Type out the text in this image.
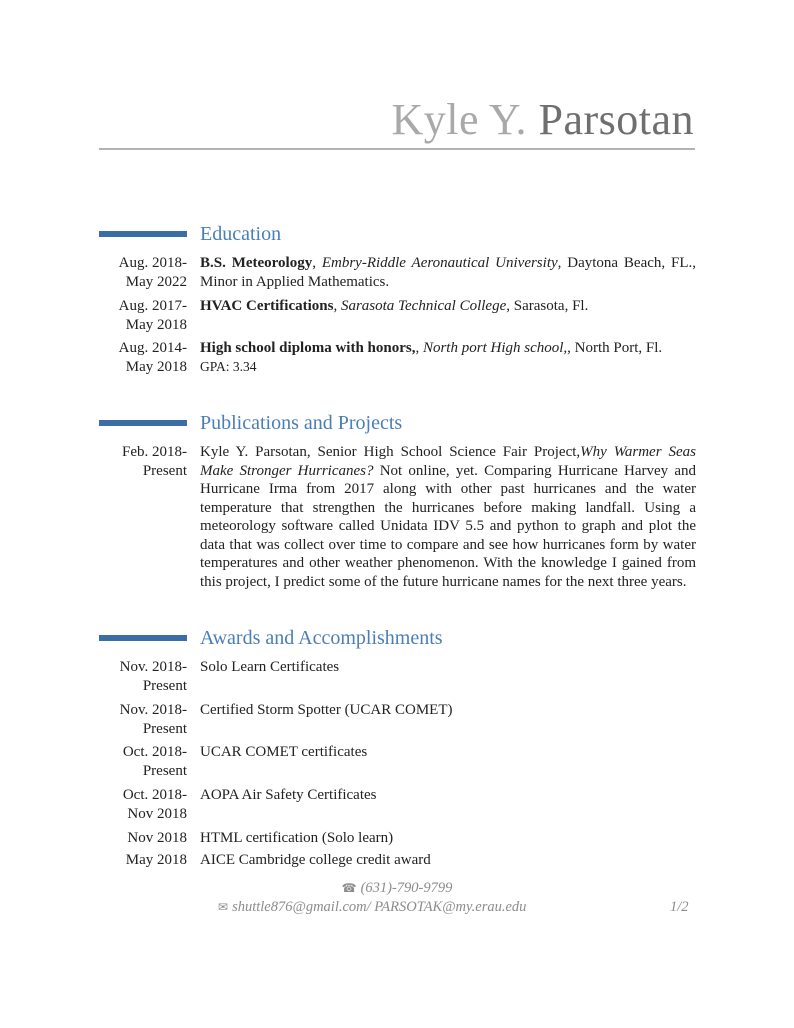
Kyle Y. Parsotan
Education
Aug. 2018-
May 2022
B.S. Meteorology, Embry-Riddle Aeronautical University, Daytona Beach, FL., Minor in Applied Mathematics.
Aug. 2017-
May 2018
HVAC Certifications, Sarasota Technical College, Sarasota, Fl.
Aug. 2014-
May 2018
High school diploma with honors,, North port High school,, North Port, Fl.
GPA: 3.34
Publications and Projects
Feb. 2018-
Present
Kyle Y. Parsotan, Senior High School Science Fair Project,Why Warmer Seas Make Stronger Hurricanes? Not online, yet. Comparing Hurricane Harvey and Hurricane Irma from 2017 along with other past hurricanes and the water temperature that strengthen the hurricanes before making landfall. Using a meteorology software called Unidata IDV 5.5 and python to graph and plot the data that was collect over time to compare and see how hurricanes form by water temperatures and other weather phenomenon. With the knowledge I gained from this project, I predict some of the future hurricane names for the next three years.
Awards and Accomplishments
Nov. 2018-
Present
Solo Learn Certificates
Nov. 2018-
Present
Certified Storm Spotter (UCAR COMET)
Oct. 2018-
Present
UCAR COMET certificates
Oct. 2018-
Nov 2018
AOPA Air Safety Certificates
Nov 2018 HTML certification (Solo learn)
May 2018 AICE Cambridge college credit award
☎ (631)-790-9799
✉ shuttle876@gmail.com/ PARSOTAK@my.erau.edu	1/2
